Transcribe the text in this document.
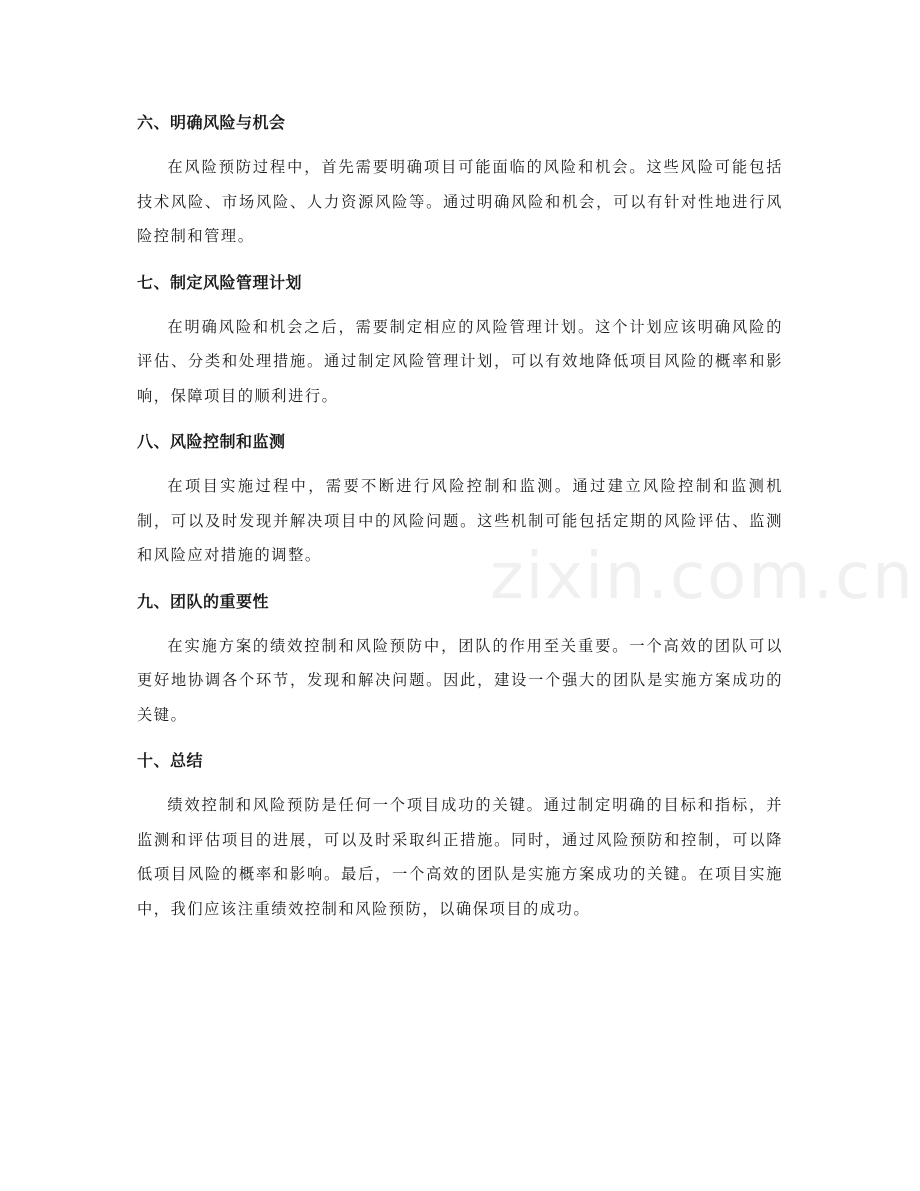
六、明确风险与机会

在风险预防过程中，首先需要明确项目可能面临的风险和机会。这些风险可能包括技术风险、市场风险、人力资源风险等。通过明确风险和机会，可以有针对性地进行风险控制和管理。

七、制定风险管理计划

在明确风险和机会之后，需要制定相应的风险管理计划。这个计划应该明确风险的评估、分类和处理措施。通过制定风险管理计划，可以有效地降低项目风险的概率和影响，保障项目的顺利进行。

八、风险控制和监测

在项目实施过程中，需要不断进行风险控制和监测。通过建立风险控制和监测机制，可以及时发现并解决项目中的风险问题。这些机制可能包括定期的风险评估、监测和风险应对措施的调整。

九、团队的重要性

在实施方案的绩效控制和风险预防中，团队的作用至关重要。一个高效的团队可以更好地协调各个环节，发现和解决问题。因此，建设一个强大的团队是实施方案成功的关键。

十、总结

绩效控制和风险预防是任何一个项目成功的关键。通过制定明确的目标和指标，并监测和评估项目的进展，可以及时采取纠正措施。同时，通过风险预防和控制，可以降低项目风险的概率和影响。最后，一个高效的团队是实施方案成功的关键。在项目实施中，我们应该注重绩效控制和风险预防，以确保项目的成功。

zixin.com.cn
